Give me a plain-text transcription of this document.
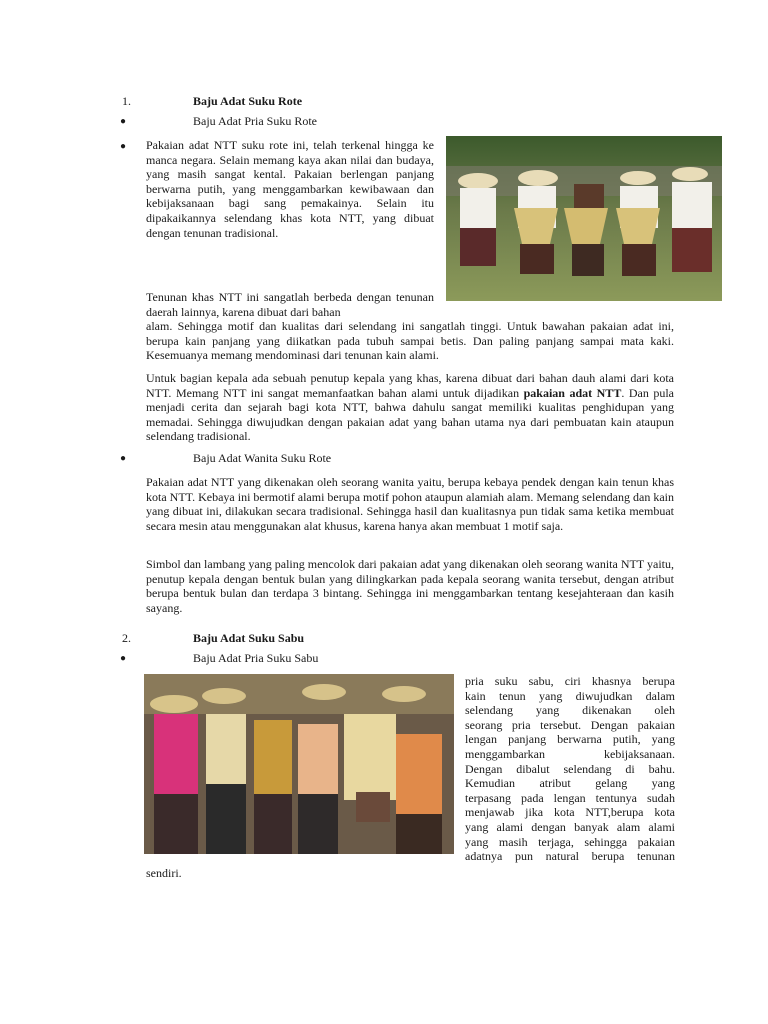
1.	Baju Adat Suku Rote
●	Baju Adat Pria Suku Rote
● Pakaian adat NTT suku rote ini, telah terkenal hingga ke manca negara. Selain memang kaya akan nilai dan budaya, yang masih sangat kental. Pakaian berlengan panjang berwarna putih, yang menggambarkan kewibawaan dan kebijaksanaan bagi sang pemakainya. Selain itu dipakaikannya selendang khas kota NTT, yang dibuat dengan tenunan tradisional.

Tenunan khas NTT ini sangatlah berbeda dengan tenunan daerah lainnya, karena dibuat dari bahan

alam. Sehingga motif dan kualitas dari selendang ini sangatlah tinggi. Untuk bawahan pakaian adat ini, berupa kain panjang yang diikatkan pada tubuh sampai betis. Dan paling panjang sampai mata kaki. Kesemuanya memang mendominasi dari tenunan kain alami.

Untuk bagian kepala ada sebuah penutup kepala yang khas, karena dibuat dari bahan dauh alami dari kota NTT. Memang NTT ini sangat memanfaatkan bahan alami untuk dijadikan pakaian adat NTT. Dan pula menjadi cerita dan sejarah bagi kota NTT, bahwa dahulu sangat memiliki kualitas penghidupan yang memadai. Sehingga diwujudkan dengan pakaian adat yang bahan utama nya dari pembuatan kain ataupun selendang tradisional.

●	Baju Adat Wanita Suku Rote

Pakaian adat NTT yang dikenakan oleh seorang wanita yaitu, berupa kebaya pendek dengan kain tenun khas kota NTT. Kebaya ini bermotif alami berupa motif pohon ataupun alamiah alam. Memang selendang dan kain yang dibuat ini, dilakukan secara tradisional. Sehingga hasil dan kualitasnya pun tidak sama ketika membuat secara mesin atau menggunakan alat khusus, karena hanya akan membuat 1 motif saja.

Simbol dan lambang yang paling mencolok dari pakaian adat yang dikenakan oleh seorang wanita NTT yaitu, penutup kepala dengan bentuk bulan yang dilingkarkan pada kepala seorang wanita tersebut, dengan atribut berupa bentuk bulan dan terdapa 3 bintang. Sehingga ini menggambarkan tentang kesejahteraan dan kasih sayang.

2.	Baju Adat Suku Sabu
●	Baju Adat Pria Suku Sabu
pria suku sabu, ciri khasnya berupa
kain tenun yang diwujudkan dalam
selendang yang dikenakan oleh
seorang pria tersebut. Dengan pakaian
lengan panjang berwarna putih, yang
menggambarkan kebijaksanaan.
Dengan dibalut selendang di bahu.
Kemudian atribut gelang yang
terpasang pada lengan tentunya sudah
menjawab jika kota NTT,berupa kota
yang alami dengan banyak alam alami
yang masih terjaga, sehingga pakaian
adatnya pun natural berupa tenunan
sendiri.
